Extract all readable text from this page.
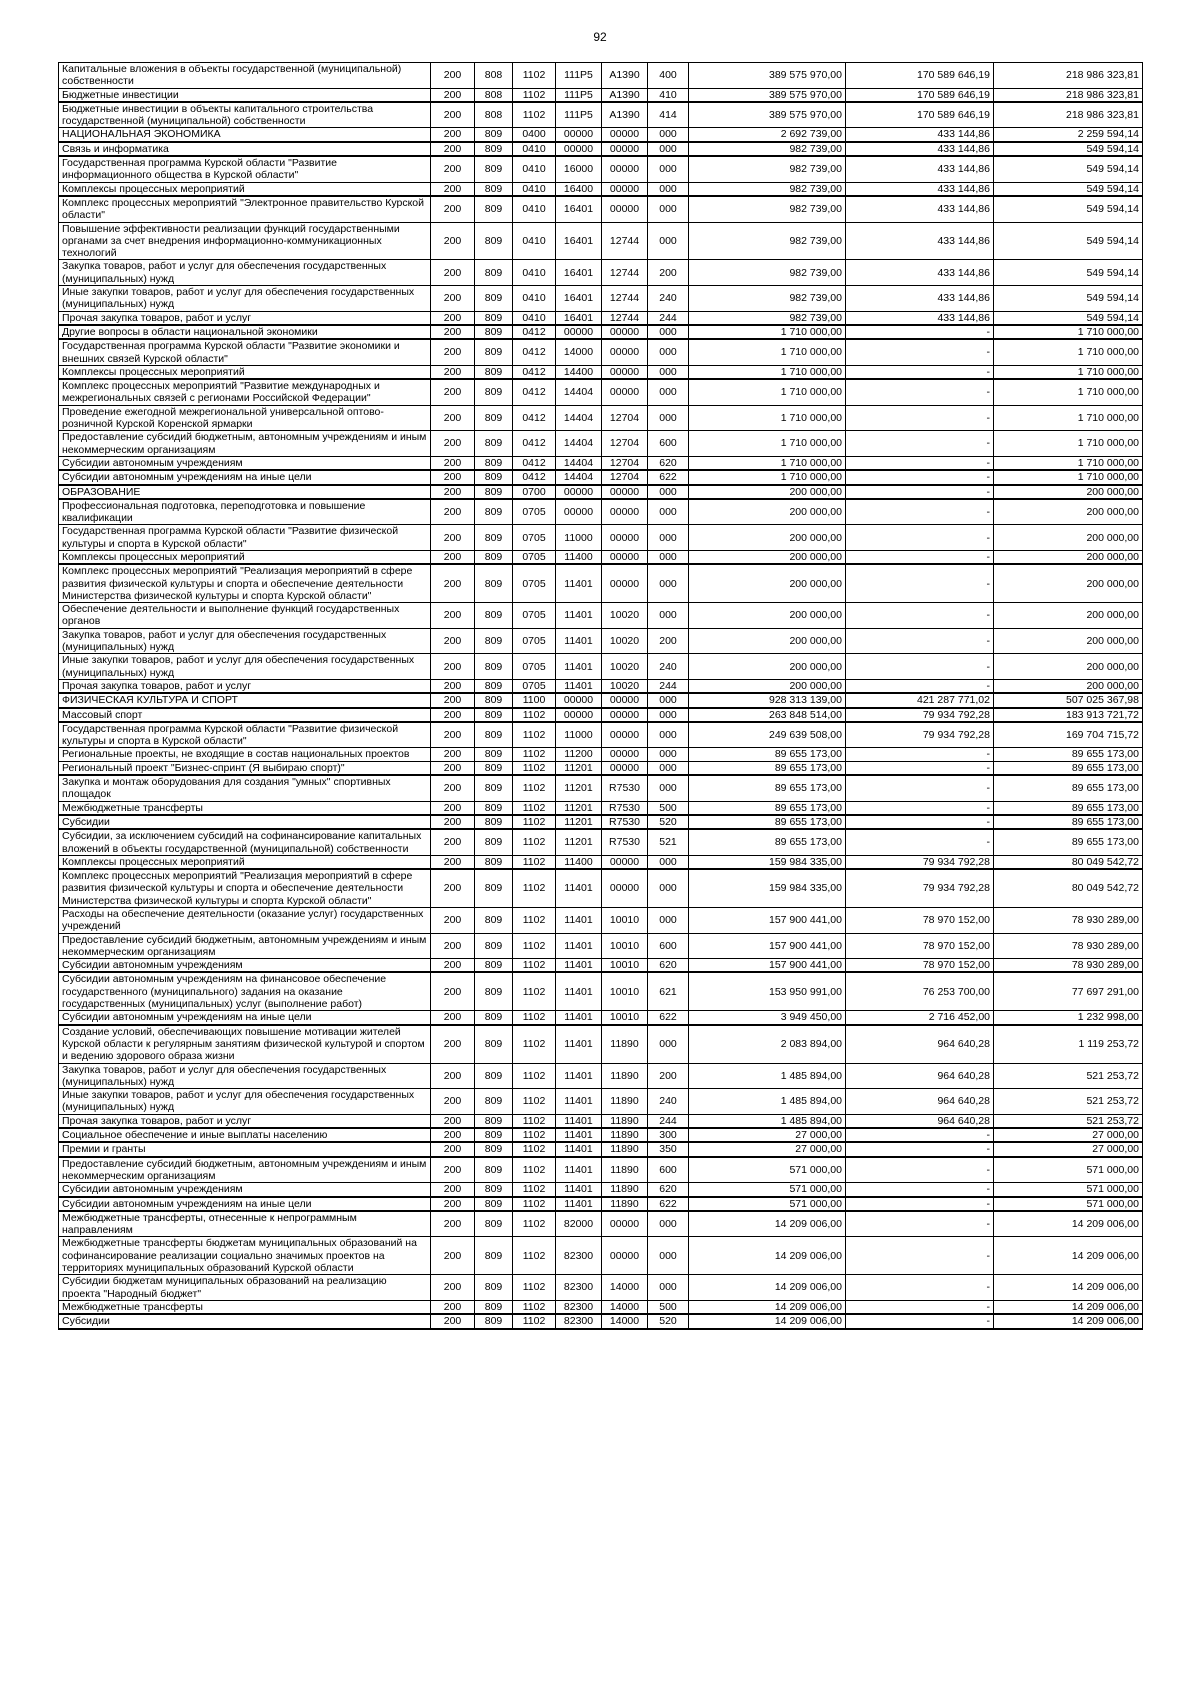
92
Капитальные вложения в объекты государственной (муниципальной) собственности	200	808	1102	111P5	A1390	400	389 575 970,00	170 589 646,19	218 986 323,81
Бюджетные инвестиции	200	808	1102	111P5	A1390	410	389 575 970,00	170 589 646,19	218 986 323,81
Бюджетные инвестиции в объекты капитального строительства государственной (муниципальной) собственности	200	808	1102	111P5	A1390	414	389 575 970,00	170 589 646,19	218 986 323,81
НАЦИОНАЛЬНАЯ ЭКОНОМИКА	200	809	0400	00000	00000	000	2 692 739,00	433 144,86	2 259 594,14
Связь и информатика	200	809	0410	00000	00000	000	982 739,00	433 144,86	549 594,14
Государственная программа Курской области "Развитие информационного общества в Курской области"	200	809	0410	16000	00000	000	982 739,00	433 144,86	549 594,14
Комплексы процессных мероприятий	200	809	0410	16400	00000	000	982 739,00	433 144,86	549 594,14
Комплекс процессных мероприятий "Электронное правительство Курской области"	200	809	0410	16401	00000	000	982 739,00	433 144,86	549 594,14
Повышение эффективности реализации функций государственными органами за счет внедрения информационно-коммуникационных технологий	200	809	0410	16401	12744	000	982 739,00	433 144,86	549 594,14
Закупка товаров, работ и услуг для обеспечения государственных (муниципальных) нужд	200	809	0410	16401	12744	200	982 739,00	433 144,86	549 594,14
Иные закупки товаров, работ и услуг для обеспечения государственных (муниципальных) нужд	200	809	0410	16401	12744	240	982 739,00	433 144,86	549 594,14
Прочая закупка товаров, работ и услуг	200	809	0410	16401	12744	244	982 739,00	433 144,86	549 594,14
Другие вопросы в области национальной экономики	200	809	0412	00000	00000	000	1 710 000,00	-	1 710 000,00
Государственная программа Курской области "Развитие экономики и внешних связей Курской области"	200	809	0412	14000	00000	000	1 710 000,00	-	1 710 000,00
Комплексы процессных мероприятий	200	809	0412	14400	00000	000	1 710 000,00	-	1 710 000,00
Комплекс процессных мероприятий "Развитие международных и межрегиональных связей с регионами Российской Федерации"	200	809	0412	14404	00000	000	1 710 000,00	-	1 710 000,00
Проведение ежегодной межрегиональной универсальной оптово-розничной Курской Коренской ярмарки	200	809	0412	14404	12704	000	1 710 000,00	-	1 710 000,00
Предоставление субсидий бюджетным, автономным учреждениям и иным некоммерческим организациям	200	809	0412	14404	12704	600	1 710 000,00	-	1 710 000,00
Субсидии автономным учреждениям	200	809	0412	14404	12704	620	1 710 000,00	-	1 710 000,00
Субсидии автономным учреждениям на иные цели	200	809	0412	14404	12704	622	1 710 000,00	-	1 710 000,00
ОБРАЗОВАНИЕ	200	809	0700	00000	00000	000	200 000,00	-	200 000,00
Профессиональная подготовка, переподготовка и повышение квалификации	200	809	0705	00000	00000	000	200 000,00	-	200 000,00
Государственная программа Курской области "Развитие физической культуры и спорта в Курской области"	200	809	0705	11000	00000	000	200 000,00	-	200 000,00
Комплексы процессных мероприятий	200	809	0705	11400	00000	000	200 000,00	-	200 000,00
Комплекс процессных мероприятий "Реализация мероприятий в сфере развития физической культуры и спорта и обеспечение деятельности Министерства физической культуры и спорта Курской области"	200	809	0705	11401	00000	000	200 000,00	-	200 000,00
Обеспечение деятельности и выполнение функций государственных органов	200	809	0705	11401	10020	000	200 000,00	-	200 000,00
Закупка товаров, работ и услуг для обеспечения государственных (муниципальных) нужд	200	809	0705	11401	10020	200	200 000,00	-	200 000,00
Иные закупки товаров, работ и услуг для обеспечения государственных (муниципальных) нужд	200	809	0705	11401	10020	240	200 000,00	-	200 000,00
Прочая закупка товаров, работ и услуг	200	809	0705	11401	10020	244	200 000,00	-	200 000,00
ФИЗИЧЕСКАЯ КУЛЬТУРА И СПОРТ	200	809	1100	00000	00000	000	928 313 139,00	421 287 771,02	507 025 367,98
Массовый спорт	200	809	1102	00000	00000	000	263 848 514,00	79 934 792,28	183 913 721,72
Государственная программа Курской области "Развитие физической культуры и спорта в Курской области"	200	809	1102	11000	00000	000	249 639 508,00	79 934 792,28	169 704 715,72
Региональные проекты, не входящие в состав национальных проектов	200	809	1102	11200	00000	000	89 655 173,00	-	89 655 173,00
Региональный проект "Бизнес-спринт (Я выбираю спорт)"	200	809	1102	11201	00000	000	89 655 173,00	-	89 655 173,00
Закупка и монтаж оборудования для создания "умных" спортивных площадок	200	809	1102	11201	R7530	000	89 655 173,00	-	89 655 173,00
Межбюджетные трансферты	200	809	1102	11201	R7530	500	89 655 173,00	-	89 655 173,00
Субсидии	200	809	1102	11201	R7530	520	89 655 173,00	-	89 655 173,00
Субсидии, за исключением субсидий на софинансирование капитальных вложений в объекты государственной (муниципальной) собственности	200	809	1102	11201	R7530	521	89 655 173,00	-	89 655 173,00
Комплексы процессных мероприятий	200	809	1102	11400	00000	000	159 984 335,00	79 934 792,28	80 049 542,72
Комплекс процессных мероприятий "Реализация мероприятий в сфере развития физической культуры и спорта и обеспечение деятельности Министерства физической культуры и спорта Курской области"	200	809	1102	11401	00000	000	159 984 335,00	79 934 792,28	80 049 542,72
Расходы на обеспечение деятельности (оказание услуг) государственных учреждений	200	809	1102	11401	10010	000	157 900 441,00	78 970 152,00	78 930 289,00
Предоставление субсидий бюджетным, автономным учреждениям и иным некоммерческим организациям	200	809	1102	11401	10010	600	157 900 441,00	78 970 152,00	78 930 289,00
Субсидии автономным учреждениям	200	809	1102	11401	10010	620	157 900 441,00	78 970 152,00	78 930 289,00
Субсидии автономным учреждениям на финансовое обеспечение государственного (муниципального) задания на оказание государственных (муниципальных) услуг (выполнение работ)	200	809	1102	11401	10010	621	153 950 991,00	76 253 700,00	77 697 291,00
Субсидии автономным учреждениям на иные цели	200	809	1102	11401	10010	622	3 949 450,00	2 716 452,00	1 232 998,00
Создание условий, обеспечивающих повышение мотивации жителей Курской области к регулярным занятиям физической культурой и спортом и ведению здорового образа жизни	200	809	1102	11401	11890	000	2 083 894,00	964 640,28	1 119 253,72
Закупка товаров, работ и услуг для обеспечения государственных (муниципальных) нужд	200	809	1102	11401	11890	200	1 485 894,00	964 640,28	521 253,72
Иные закупки товаров, работ и услуг для обеспечения государственных (муниципальных) нужд	200	809	1102	11401	11890	240	1 485 894,00	964 640,28	521 253,72
Прочая закупка товаров, работ и услуг	200	809	1102	11401	11890	244	1 485 894,00	964 640,28	521 253,72
Социальное обеспечение и иные выплаты населению	200	809	1102	11401	11890	300	27 000,00	-	27 000,00
Премии и гранты	200	809	1102	11401	11890	350	27 000,00	-	27 000,00
Предоставление субсидий бюджетным, автономным учреждениям и иным некоммерческим организациям	200	809	1102	11401	11890	600	571 000,00	-	571 000,00
Субсидии автономным учреждениям	200	809	1102	11401	11890	620	571 000,00	-	571 000,00
Субсидии автономным учреждениям на иные цели	200	809	1102	11401	11890	622	571 000,00	-	571 000,00
Межбюджетные трансферты, отнесенные к непрограммным направлениям	200	809	1102	82000	00000	000	14 209 006,00	-	14 209 006,00
Межбюджетные трансферты бюджетам муниципальных образований на софинансирование реализации социально значимых проектов на территориях муниципальных образований Курской области	200	809	1102	82300	00000	000	14 209 006,00	-	14 209 006,00
Субсидии бюджетам муниципальных образований на реализацию проекта "Народный бюджет"	200	809	1102	82300	14000	000	14 209 006,00	-	14 209 006,00
Межбюджетные трансферты	200	809	1102	82300	14000	500	14 209 006,00	-	14 209 006,00
Субсидии	200	809	1102	82300	14000	520	14 209 006,00	-	14 209 006,00
